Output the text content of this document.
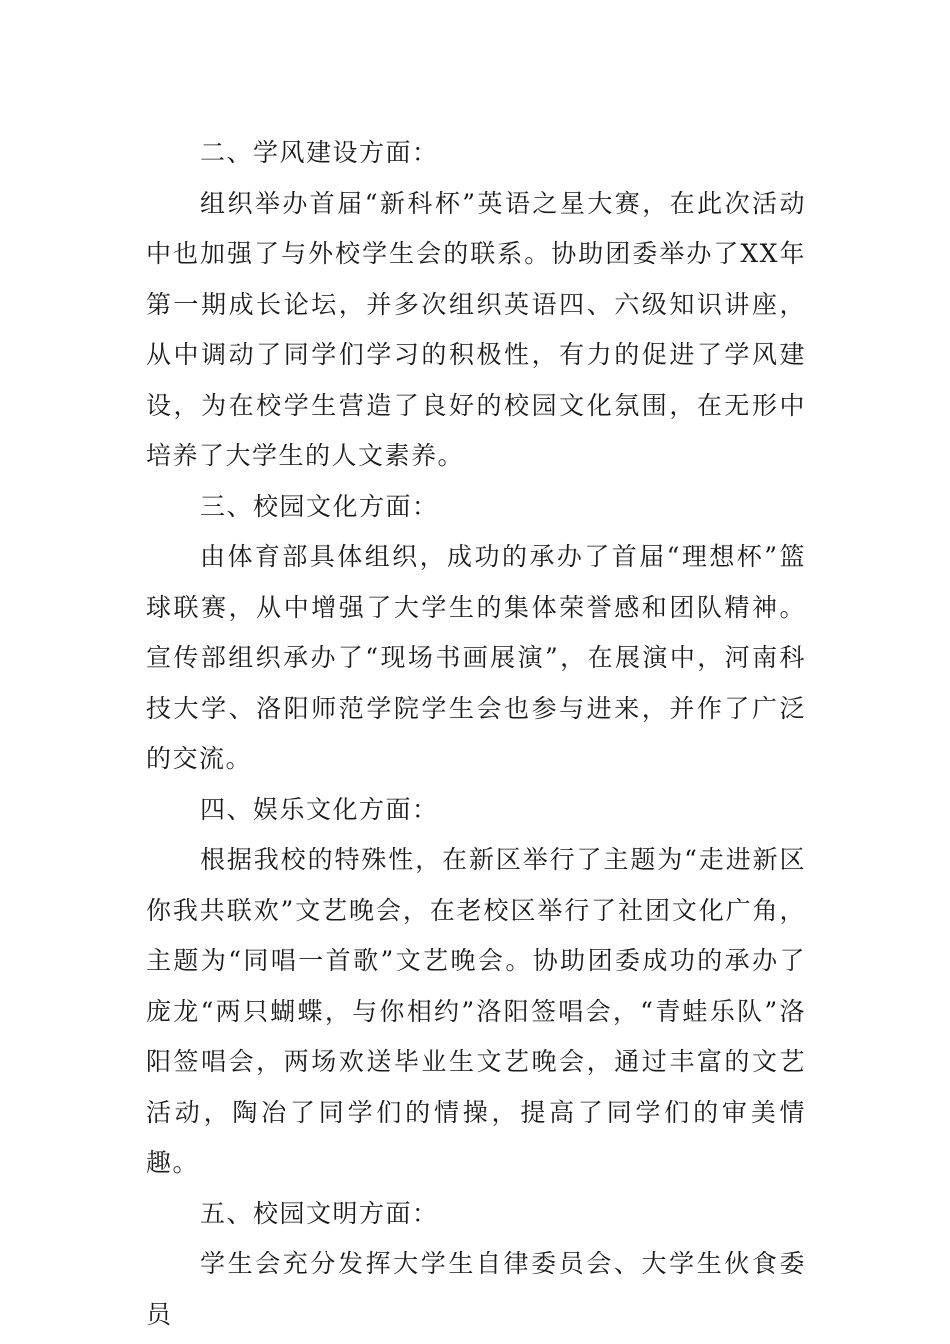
二、学风建设方面：

组织举办首届“新科杯”英语之星大赛，在此次活动中也加强了与外校学生会的联系。协助团委举办了XX年第一期成长论坛，并多次组织英语四、六级知识讲座，从中调动了同学们学习的积极性，有力的促进了学风建设，为在校学生营造了良好的校园文化氛围，在无形中培养了大学生的人文素养。

三、校园文化方面：

由体育部具体组织，成功的承办了首届“理想杯”篮球联赛，从中增强了大学生的集体荣誉感和团队精神。宣传部组织承办了“现场书画展演”，在展演中，河南科技大学、洛阳师范学院学生会也参与进来，并作了广泛的交流。

四、娱乐文化方面：

根据我校的特殊性，在新区举行了主题为“走进新区你我共联欢”文艺晚会，在老校区举行了社团文化广角，主题为“同唱一首歌”文艺晚会。协助团委成功的承办了庞龙“两只蝴蝶，与你相约”洛阳签唱会，“青蛙乐队”洛阳签唱会，两场欢送毕业生文艺晚会，通过丰富的文艺活动，陶冶了同学们的情操，提高了同学们的审美情趣。

五、校园文明方面：

学生会充分发挥大学生自律委员会、大学生伙食委员
